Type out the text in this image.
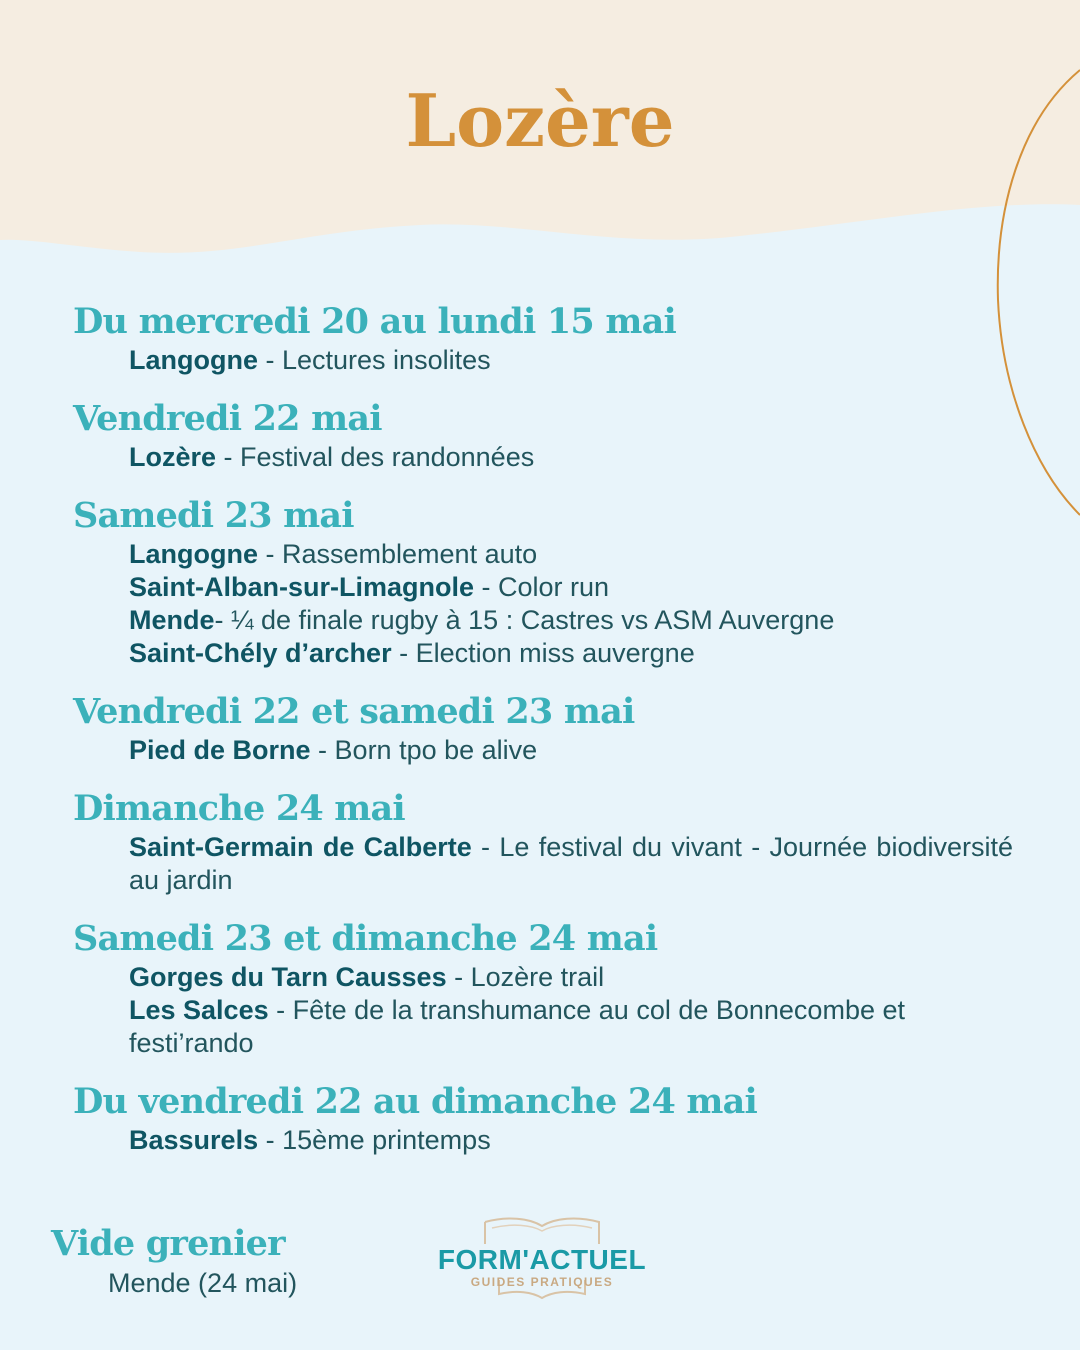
Lozère
Du mercredi 20 au lundi 15 mai
Langogne - Lectures insolites
Vendredi 22 mai
Lozère - Festival des randonnées
Samedi 23 mai
Langogne - Rassemblement auto
Saint-Alban-sur-Limagnole - Color run
Mende- ¼ de finale rugby à 15 : Castres vs ASM Auvergne
Saint-Chély d’archer - Election miss auvergne
Vendredi 22 et samedi 23 mai
Pied de Borne - Born tpo be alive
Dimanche 24 mai
Saint-Germain de Calberte - Le festival du vivant - Journée biodiversité au jardin
Samedi 23 et dimanche 24 mai
Gorges du Tarn Causses - Lozère trail
Les Salces - Fête de la transhumance au col de Bonnecombe et festi’rando
Du vendredi 22 au dimanche 24 mai
Bassurels - 15ème printemps
Vide grenier
Mende (24 mai)
FORM'ACTUEL
GUIDES PRATIQUES
